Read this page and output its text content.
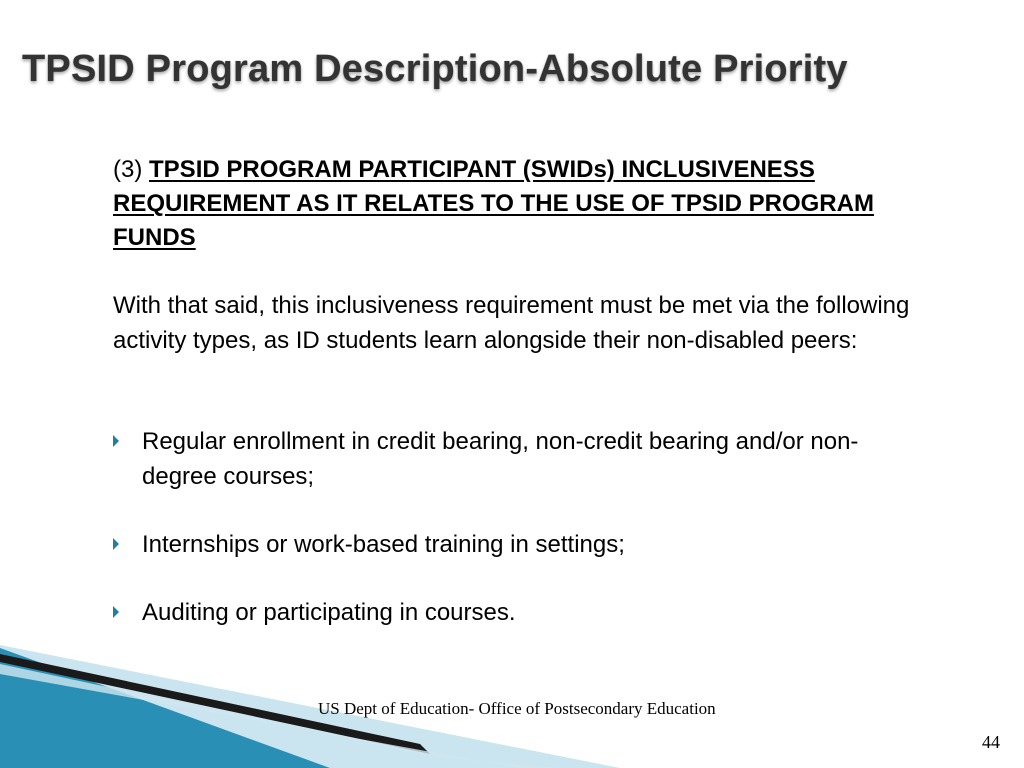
TPSID Program Description-Absolute Priority

(3) TPSID PROGRAM PARTICIPANT (SWIDs) INCLUSIVENESS REQUIREMENT AS IT RELATES TO THE USE OF TPSID PROGRAM FUNDS

With that said, this inclusiveness requirement must be met via the following activity types, as ID students learn alongside their non-disabled peers:

Regular enrollment in credit bearing, non-credit bearing and/or non-degree courses;
Internships or work-based training in settings;
Auditing or participating in courses.
US Dept of Education- Office of Postsecondary Education
44
